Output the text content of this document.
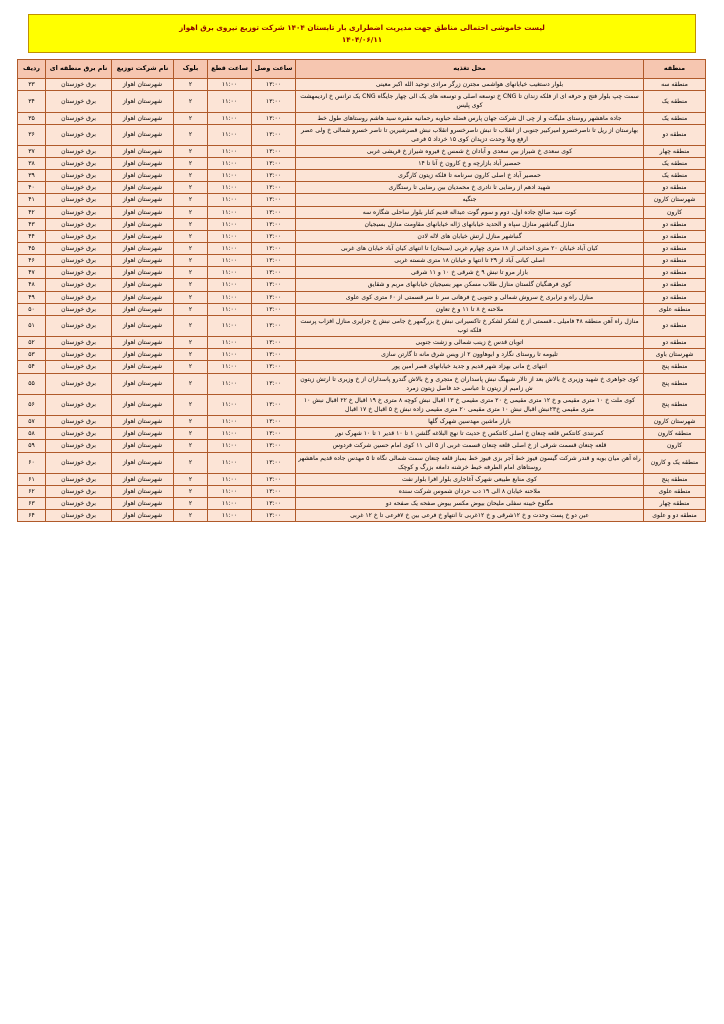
لیست خاموشی احتمالی مناطق جهت مدیریت اضطراری بار تابستان ۱۴۰۴ شرکت توزیع نیروی برق اهواز
۱۴۰۴/۰۶/۱۱
منطقه	محل تغذیه	ساعت وصل	ساعت قطع	بلوک	نام شرکت توزیع	نام برق منطقه ای	ردیف
منطقه سه	بلوار دستغیب خیابانهای هواشمی مجترن زرگر مرادی توحید الله اکبر معینی	۱۳:۰۰	۱۱:۰۰	۲	شهرستان اهواز	برق خوزستان	۳۳
منطقه یک	سمت چپ بلوار فتح و حرفه ای از فلکه زندان تا CNG خ توسعه اصلی و توسعه های یک الی چهار جایگاه CNG یک ترانس خ اردیمهشت کوی پلیس	۱۳:۰۰	۱۱:۰۰	۲	شهرستان اهواز	برق خوزستان	۳۴
منطقه یک	جاده ماهشهر روستای ملیگث و از چی ال شرکت جهان پارس فضله حباوبه رحمانیه مقبره سید هاشم روستاهای طول خط	۱۳:۰۰	۱۱:۰۰	۲	شهرستان اهواز	برق خوزستان	۳۵
منطقه دو	بهارستان از ریل تا ناصرخسرو امیرکبیر جنوبی از انقلاب تا نبش ناصرخسرو انقلاب نبش قصرشیرین تا ناصر خسرو شمالی خ ولی عصر ارفع ویلا وحدت دزیدان کوی ۱۵ خرداد ۵ فرعی	۱۳:۰۰	۱۱:۰۰	۲	شهرستان اهواز	برق خوزستان	۳۶
منطقه چهار	کوی سعدی خ شیراز بین سعدی و آبادان خ شمس خ فیروه شیراز خ قریشی غربی	۱۳:۰۰	۱۱:۰۰	۲	شهرستان اهواز	برق خوزستان	۳۷
منطقه یک	حمصیر آباد بازارچه و خ کارون خ آنا تا ۱۴	۱۳:۰۰	۱۱:۰۰	۲	شهرستان اهواز	برق خوزستان	۳۸
منطقه یک	حمصیر آباد خ اصلی کارون سرنامه تا فلکه زیتون کارگری	۱۳:۰۰	۱۱:۰۰	۲	شهرستان اهواز	برق خوزستان	۳۹
منطقه دو	شهید ادهم از رضایی تا نادری خ محمدیان بین رضایی تا رستگاری	۱۳:۰۰	۱۱:۰۰	۲	شهرستان اهواز	برق خوزستان	۴۰
شهرستان کارون	جنگیه	۱۳:۰۰	۱۱:۰۰	۲	شهرستان اهواز	برق خوزستان	۴۱
کارون	کوت سید صالح جاده اول، دوم و سوم گوت عبداله قدیم کنار بلوار ساحلی شگاره سه	۱۳:۰۰	۱۱:۰۰	۲	شهرستان اهواز	برق خوزستان	۴۲
منطقه دو	منازل گنباشهر منازل سپاه و الحدید خیابانهای ژاله خیابانهای مقاومت منازل بسیجیان	۱۳:۰۰	۱۱:۰۰	۲	شهرستان اهواز	برق خوزستان	۴۳
منطقه دو	گنباشهر منازل ارتش خیابان های لاله لادن	۱۳:۰۰	۱۱:۰۰	۲	شهرستان اهواز	برق خوزستان	۴۴
منطقه دو	کیان آباد خیابان ۲۰ متری احداثی از ۱۸ متری چهارم غربی (سبحان) تا انتهای کیان آباد خیابان های غربی	۱۳:۰۰	۱۱:۰۰	۲	شهرستان اهواز	برق خوزستان	۴۵
منطقه دو	اصلی کیانی آباد از ۲۹ تا انتها و خیابان ۱۸ متری شسته غربی	۱۳:۰۰	۱۱:۰۰	۲	شهرستان اهواز	برق خوزستان	۴۶
منطقه دو	بازار مرو تا نبش ۹ خ شرقی خ ۱۰ و ۱۱ شرقی	۱۳:۰۰	۱۱:۰۰	۲	شهرستان اهواز	برق خوزستان	۴۷
منطقه دو	کوی فرهنگیان گلستان منازل طلاب مسکن مهر بسیجیان خیابانهای مربم و شقایق	۱۳:۰۰	۱۱:۰۰	۲	شهرستان اهواز	برق خوزستان	۴۸
منطقه دو	منازل راه و ترابری خ سروش شمالی و جنوبی خ فرهانی سر تا سر قسمتی از ۶۰ متری کوی علوی	۱۳:۰۰	۱۱:۰۰	۲	شهرستان اهواز	برق خوزستان	۴۹
منطقه علوی	ملاحنه خ ۸ تا ۱۱ و خ تعاون	۱۳:۰۰	۱۱:۰۰	۲	شهرستان اهواز	برق خوزستان	۵۰
منطقه دو	منازل راه آهن منطقه ۴۸ فامیلی ـ قسمتی از خ لشکر لشکر خ تاکسیرانی نبش خ بزرگمهر خ جامی نبش خ جزایری منازل افزاب پرست فلکه ثوب	۱۳:۰۰	۱۱:۰۰	۲	شهرستان اهواز	برق خوزستان	۵۱
منطقه دو	اتوبان قدس خ زینب شمالی و زشت جنوبی	۱۳:۰۰	۱۱:۰۰	۲	شهرستان اهواز	برق خوزستان	۵۲
شهرستان باوی	تلیومه تا روستای نگارد و ابوهاوون ۲ از ویس شرق مانه تا گارتن سازی	۱۳:۰۰	۱۱:۰۰	۲	شهرستان اهواز	برق خوزستان	۵۳
منطقه پنج	انتهای خ مانی بهزاد شهر قدیم و جدید خیابانهای قصر امین پور	۱۳:۰۰	۱۱:۰۰	۲	شهرستان اهواز	برق خوزستان	۵۴
منطقه پنج	کوی جواهری خ شهید وزیری خ بالاش بعد از تالار شبهنگ نبش پاسداران خ متجری و خ بالاش گندرو پاسداران از خ وزیری تا ارتش زیتون ش زامبم از زیتون تا عباسی حد فاصل زیتون زمرد	۱۳:۰۰	۱۱:۰۰	۲	شهرستان اهواز	برق خوزستان	۵۵
منطقه پنج	کوی ملت خ ۱۰ متری مقیمی و خ ۱۲ متری مقیمی خ ۲۰ متری مقیمی خ ۱۳ اقبال نبش کوچه ۸ متری خ ۱۹ اقبال خ ۲۲ اقبال نبش ۱۰ متری مقیمی خ۲۳نبش اقبال نبش ۱۰ متری مقیمی ۲۰ متری مقیمی زاده نبش خ ۵ اقبال خ ۱۷ اقبال	۱۳:۰۰	۱۱:۰۰	۲	شهرستان اهواز	برق خوزستان	۵۶
شهرستان کارون	بازار ماشین مهدسین شهرک گلها	۱۳:۰۰	۱۱:۰۰	۲	شهرستان اهواز	برق خوزستان	۵۷
منطقه کارون	کمرنندی کانتکس قلعه چنعان خ اصلی کانتکس خ حدیث تا نهج البلاغه گلشن ۱ تا ۱۰ قدیر ۱ تا ۱۰ شهرک نور	۱۳:۰۰	۱۱:۰۰	۲	شهرستان اهواز	برق خوزستان	۵۸
کارون	قلعه چنعان قسمت شرقی از خ اصلی قلعه چنعان قسمت غربی از ۵ الی ۱۱ کوی امام حسین شرکت فردوس	۱۳:۰۰	۱۱:۰۰	۲	شهرستان اهواز	برق خوزستان	۵۹
منطقه یک و کارون	راه آهن میان بویه و قندر شرکت گیسون فیوز خط آجر بزی فیوز خط بمباز قلعه چنعان سمت شمالی نگاه تا ۵ مهدس جاده قدیم ماهشهر روستاهای امام الطرفه خیط خرشنه دامغه بزرگ و کوچک	۱۳:۰۰	۱۱:۰۰	۲	شهرستان اهواز	برق خوزستان	۶۰
منطقه پنج	کوی منابع طبیعی شهرک آغاجاری بلوار افرا بلوار نفت	۱۳:۰۰	۱۱:۰۰	۲	شهرستان اهواز	برق خوزستان	۶۱
منطقه علوی	ملاحنه خیابان ۸ الی ۱۹ دب حردان شموس شرکت سنده	۱۳:۰۰	۱۱:۰۰	۲	شهرستان اهواز	برق خوزستان	۶۲
منطقه چهار	مگلوع خیبنه سفلی ملیحان بیوض مکسر بیوض صفحه یک صفحه دو	۱۳:۰۰	۱۱:۰۰	۲	شهرستان اهواز	برق خوزستان	۶۳
منطقه دو و علوی	عین دو خ پست وحدت و خ ۱۲شرقی و خ ۱۲غربی تا انتهاو خ فرعی بین خ ۷فرعی تا خ ۱۲ غربی	۱۳:۰۰	۱۱:۰۰	۲	شهرستان اهواز	برق خوزستان	۶۴
